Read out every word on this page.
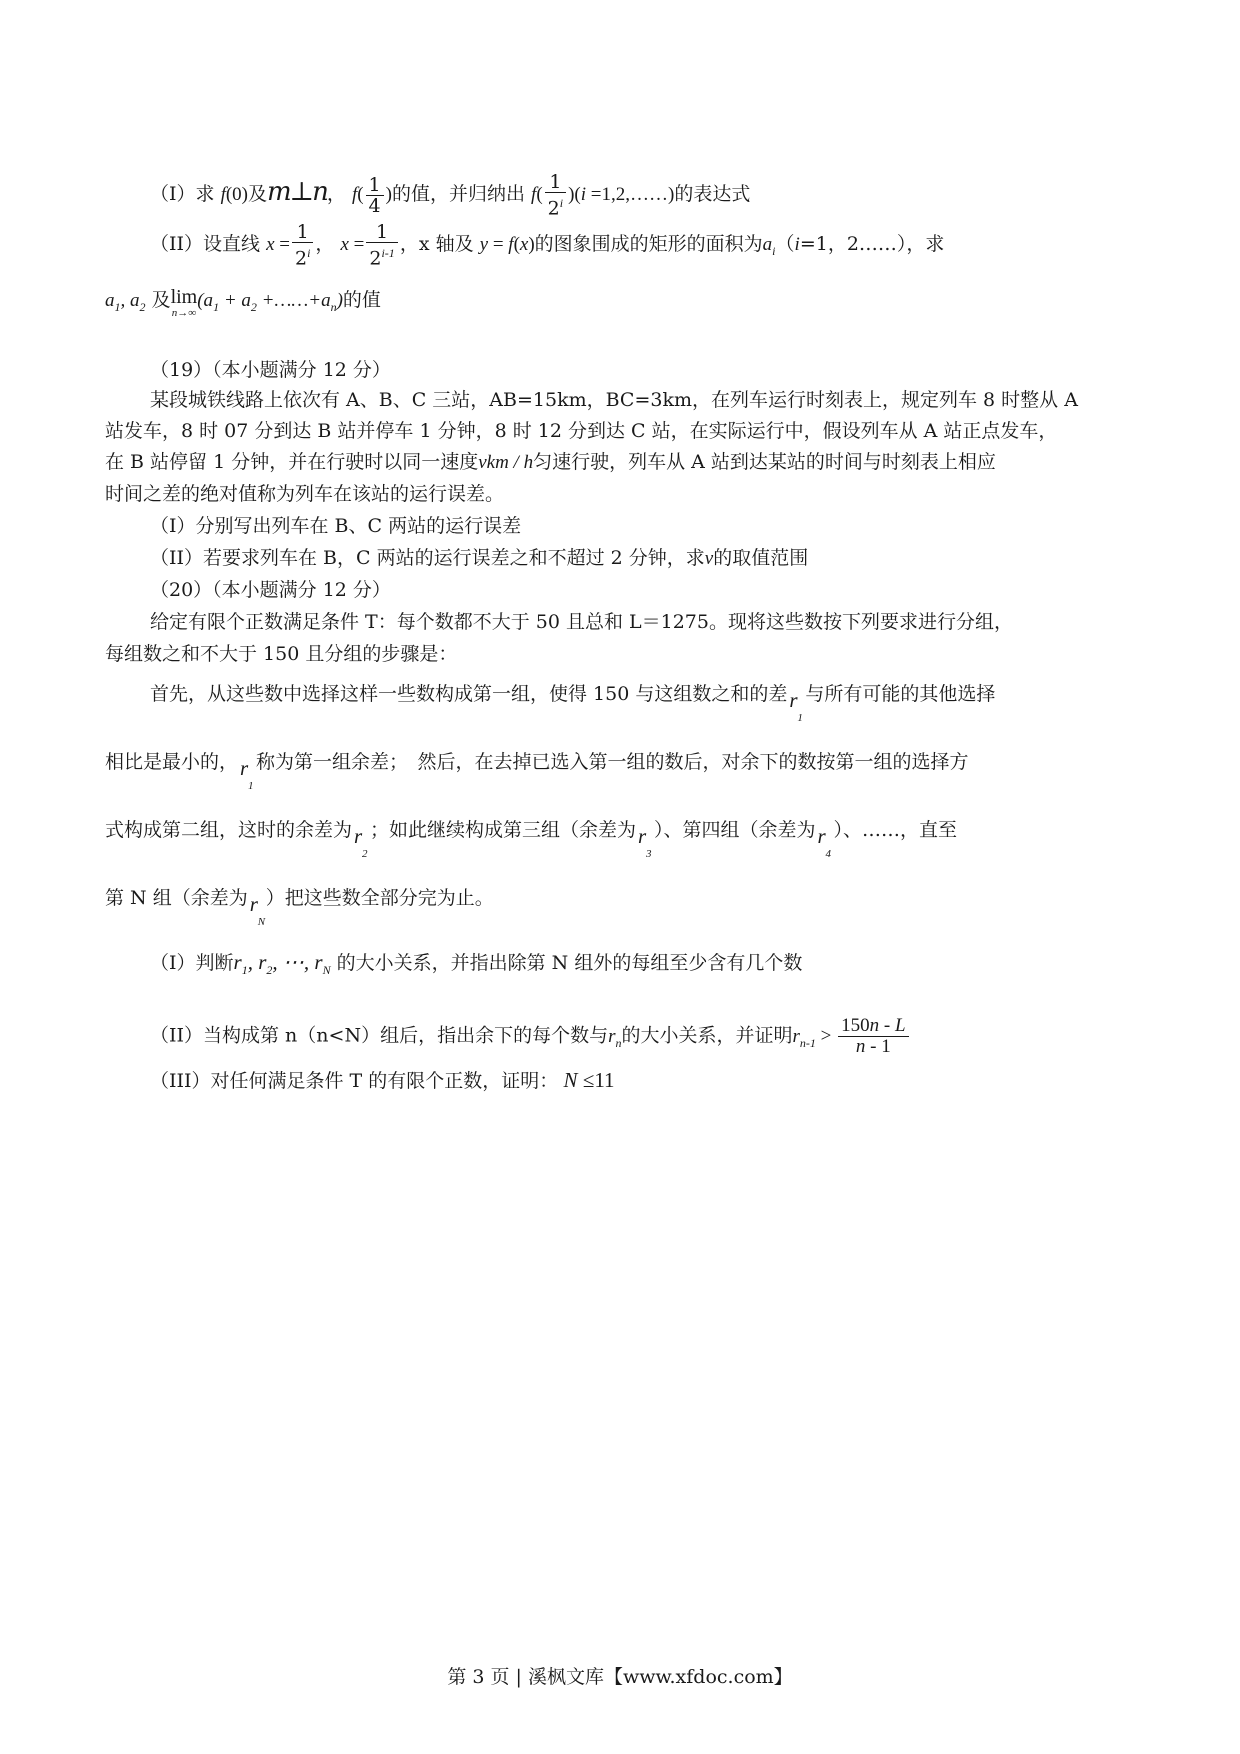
（I）求 f(0)及m⊥n， $f( \frac{1}{4}$ )的值，并归纳出 $f( \frac{1}{2^i} )(i$ =1,2,……)的表达式
（II）设直线 $x = \frac{1}{2^i}$ ， $x = \frac{1}{2^{i-1}}$ ，x 轴及 y = f(x)的图象围成的矩形的面积为$a_i(i=1$，2……），求
$a_1$, $a_2$ 及 lim
n→∞
($a_1 + a_2$ $+\dots\dots+a_n$)的值
（19）（本小题满分 12 分）
某段城铁线路上依次有 A、B、C 三站，AB=15km，BC=3km，在列车运行时刻表上，规定列车 8 时整从 A
站发车，8 时 07 分到达 B 站并停车 1 分钟，8 时 12 分到达 C 站，在实际运行中，假设列车从 A 站正点发车，
在 B 站停留 1 分钟，并在行驶时以同一速度vkm / h匀速行驶，列车从 A 站到达某站的时间与时刻表上相应
时间之差的绝对值称为列车在该站的运行误差。
（I）分别写出列车在 B、C 两站的运行误差
（II）若要求列车在 B，C 两站的运行误差之和不超过 2 分钟，求v的取值范围
（20）（本小题满分 12 分）
给定有限个正数满足条件 T：每个数都不大于 50 且总和 L＝1275。现将这些数按下列要求进行分组，
每组数之和不大于 150 且分组的步骤是：
首先，从这些数中选择这样一些数构成第一组，使得 150 与这组数之和的差 r
1
与所有可能的其他选择
相比是最小的， r
1
称为第一组余差；　然后，在去掉已选入第一组的数后，对余下的数按第一组的选择方
式构成第二组，这时的余差为 r
2
；如此继续构成第三组（余差为 r
3
）、第四组（余差为 r
4
）、……，直至
第 N 组（余差为 r
N
）把这些数全部分完为止。
（I）判断$r_1$, $r_2$, ⋯, $r_N$ 的大小关系，并指出除第 N 组外的每组至少含有几个数
（II）当构成第 n（n<N）组后，指出余下的每个数与$r_n$的大小关系，并证明$r_{n-1} > \frac{150n - L}{n - 1}$
（III）对任何满足条件 T 的有限个正数，证明： N ≤11
第 3 页 | 溪枫文库【www.xfdoc.com】
